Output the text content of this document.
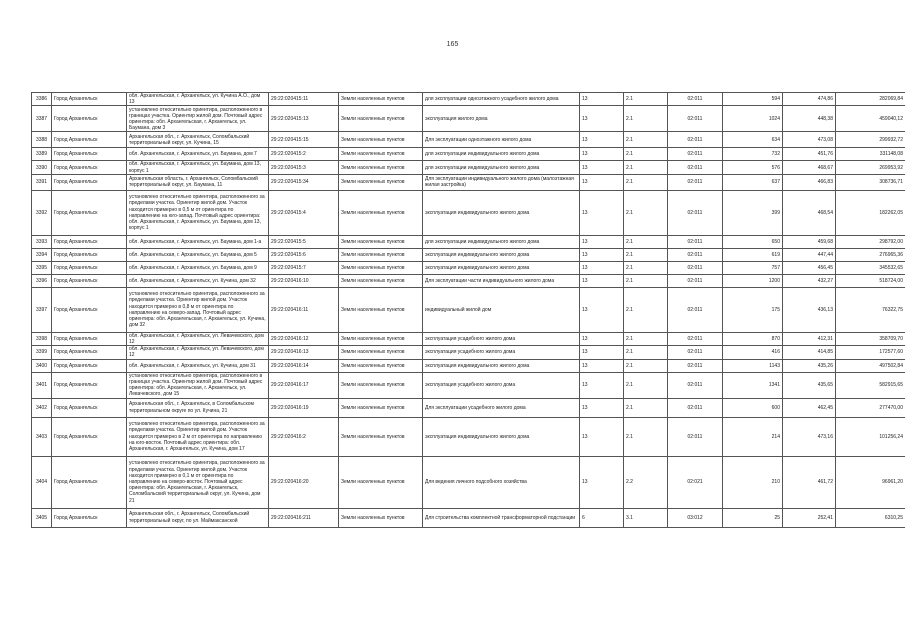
165
3386	Город Архангельск	обл. Архангельская, г. Архангельск, ул. Кучина А.О., дом 13	29:22:020415:11	Земли населенных пунктов	для эксплуатации одноэтажного усадебного жилого дома	13	2.1	02:011	594	474,86	282069,84
3387	Город Архангельск	установлено относительно ориентира, расположенного в границах участка. Ориентир жилой дом. Почтовый адрес ориентира: обл. Архангельская, г. Архангельск, ул. Баумана, дом 3	29:22:020415:13	Земли населенных пунктов	эксплуатация жилого дома	13	2.1	02:011	1024	448,38	459040,12
3388	Город Архангельск	Архангельская обл., г. Архангельск, Соломбальский территориальный округ, ул. Кучина, 15	29:22:020415:15	Земли населенных пунктов	Для эксплуатации одноэтажного жилого дома	13	2.1	02:011	634	473,08	299932,72
3389	Город Архангельск	обл. Архангельская, г. Архангельск, ул. Баумана, дом 7	29:22:020415:2	Земли населенных пунктов	для эксплуатации индивидуального жилого дома	13	2.1	02:011	732	451,76	331148,08
3390	Город Архангельск	обл. Архангельская, г. Архангельск, ул. Баумана, дом 13, корпус 1	29:22:020415:3	Земли населенных пунктов	для эксплуатации индивидуального жилого дома	13	2.1	02:011	576	468,67	269953,92
3391	Город Архангельск	Архангельская область, г. Архангельск, Соломбальский территориальный округ, ул. Баумана, 11	29:22:020415:34	Земли населенных пунктов	Для эксплуатации индивидуального жилого дома (малоэтажная жилая застройка)	13	2.1	02:011	637	466,83	308736,71
3392	Город Архангельск	установлено относительно ориентира, расположенного за пределами участка. Ориентир жилой дом. Участок находится примерно в 0,5 м от ориентира по направлению на юго-запад. Почтовый адрес ориентира: обл. Архангельская, г. Архангельск, ул. Баумана, дом 13, корпус 1	29:22:020415:4	Земли населенных пунктов	эксплуатация индивидуального жилого дома	13	2.1	02:011	399	468,54	182262,05
3393	Город Архангельск	обл. Архангельская, г. Архангельск, ул. Баумана, дом 1-а	29:22:020415:5	Земли населенных пунктов	для эксплуатации индивидуального жилого дома	13	2.1	02:011	650	459,68	298792,00
3394	Город Архангельск	обл. Архангельская, г. Архангельск, ул. Баумана, дом 5	29:22:020415:6	Земли населенных пунктов	эксплуатация индивидуального жилого дома	13	2.1	02:011	619	447,44	276965,36
3395	Город Архангельск	обл. Архангельская, г. Архангельск, ул. Баумана, дом 9	29:22:020415:7	Земли населенных пунктов	эксплуатация индивидуального жилого дома	13	2.1	02:011	757	456,45	345532,65
3396	Город Архангельск	обл. Архангельская, г. Архангельск, ул. Кучина, дом 32	29:22:020416:10	Земли населенных пунктов	Для эксплуатации части индивидуального жилого дома	13	2.1	02:011	1200	432,27	518724,00
3397	Город Архангельск	установлено относительно ориентира, расположенного за пределами участка. Ориентир жилой дом. Участок находится примерно в 0,8 м от ориентира по направлению на северо-запад. Почтовый адрес ориентира: обл. Архангельская, г. Архангельск, ул. Кучина, дом 32	29:22:020416:11	Земли населенных пунктов	индивидуальный жилой дом	13	2.1	02:011	175	436,13	76322,75
3398	Город Архангельск	обл. Архангельская, г. Архангельск, ул. Левачевского, дом 12	29:22:020416:12	Земли населенных пунктов	эксплуатация усадебного жилого дома	13	2.1	02:011	870	412,31	358709,70
3399	Город Архангельск	обл. Архангельская, г. Архангельск, ул. Левачевского, дом 12	29:22:020416:13	Земли населенных пунктов	эксплуатация усадебного жилого дома	13	2.1	02:011	416	414,85	172577,60
3400	Город Архангельск	обл. Архангельская, г. Архангельск, ул. Кучина, дом 31	29:22:020416:14	Земли населенных пунктов	эксплуатация индивидуального жилого дома	13	2.1	02:011	1143	435,26	497502,84
3401	Город Архангельск	установлено относительно ориентира, расположенного в границах участка. Ориентир жилой дом. Почтовый адрес ориентира: обл. Архангельская, г. Архангельск, ул. Левачевского, дом 15	29:22:020416:17	Земли населенных пунктов	эксплуатация усадебного жилого дома	13	2.1	02:011	1341	435,65	582915,65
3402	Город Архангельск	Архангельская обл., г. Архангельск, в Соломбальском территориальном округе по ул. Кучина, 21	29:22:020416:19	Земли населенных пунктов	Для эксплуатации усадебного жилого дома	13	2.1	02:011	600	462,45	277470,00
3403	Город Архангельск	установлено относительно ориентира, расположенного за пределами участка. Ориентир жилой дом. Участок находится примерно в 2 м от ориентира по направлению на юго-восток. Почтовый адрес ориентира: обл. Архангельская, г. Архангельск, ул. Кучина, дом 17	29:22:020416:2	Земли населенных пунктов	эксплуатация индивидуального жилого дома	13	2.1	02:011	214	473,16	101256,24
3404	Город Архангельск	установлено относительно ориентира, расположенного за пределами участка. Ориентир жилой дом. Участок находится примерно в 0,1 м от ориентира по направлению на северо-восток. Почтовый адрес ориентира: обл. Архангельская, г. Архангельск, Соломбальский территориальный округ, ул. Кучина, дом 21	29:22:020416:20	Земли населенных пунктов	Для ведения личного подсобного хозяйства	13	2.2	02:021	210	461,72	96961,20
3405	Город Архангельск	Архангельская обл., г. Архангельск, Соломбальский территориальный округ, по ул. Маймаксанской	29:22:020416:211	Земли населенных пунктов	Для строительства комплектной трансформаторной подстанции	6	3.1	03:012	25	252,41	6310,25
